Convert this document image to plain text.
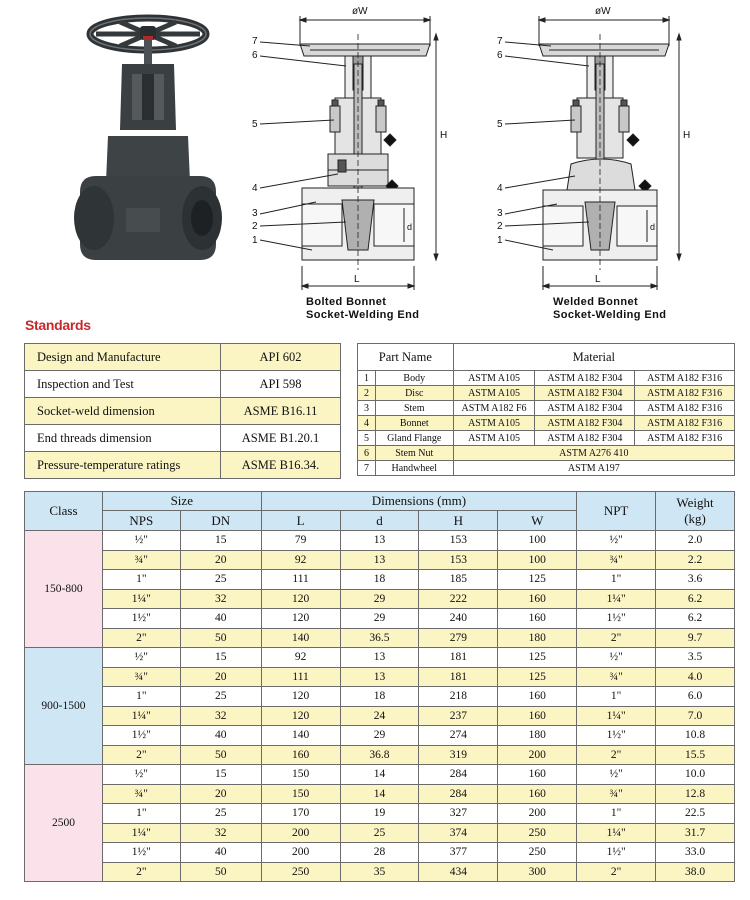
øW
H
d
L
7
6
5
4
3
2
1
Bolted Bonnet
Socket-Welding End
øW
H
d
L
7
6
5
4
3
2
1
Welded Bonnet
Socket-Welding End
Standards
Design and Manufacture	API 602
Inspection and Test	API 598
Socket-weld dimension	ASME B16.11
End threads dimension	ASME B1.20.1
Pressure-temperature ratings	ASME B16.34.
Part Name		Material		
1	Body	ASTM A105	ASTM A182 F304	ASTM A182 F316
2	Disc	ASTM A105	ASTM A182 F304	ASTM A182 F316
3	Stem	ASTM A182 F6	ASTM A182 F304	ASTM A182 F316
4	Bonnet	ASTM A105	ASTM A182 F304	ASTM A182 F316
5	Gland Flange	ASTM A105	ASTM A182 F304	ASTM A182 F316
6	Stem Nut	ASTM A276 410		
7	Handwheel	ASTM A197		
Class	Size		Dimensions (mm)				NPT	Weight
(kg)

	NPS	DN	L	d	H	W		
150-800	½"	15	79	13	153	100	½"	2.0
	¾"	20	92	13	153	100	¾"	2.2
	1"	25	111	18	185	125	1"	3.6
	1¼"	32	120	29	222	160	1¼"	6.2
	1½"	40	120	29	240	160	1½"	6.2
	2"	50	140	36.5	279	180	2"	9.7
900-1500	½"	15	92	13	181	125	½"	3.5
	¾"	20	111	13	181	125	¾"	4.0
	1"	25	120	18	218	160	1"	6.0
	1¼"	32	120	24	237	160	1¼"	7.0
	1½"	40	140	29	274	180	1½"	10.8
	2"	50	160	36.8	319	200	2"	15.5
2500	½"	15	150	14	284	160	½"	10.0
	¾"	20	150	14	284	160	¾"	12.8
	1"	25	170	19	327	200	1"	22.5
	1¼"	32	200	25	374	250	1¼"	31.7
	1½"	40	200	28	377	250	1½"	33.0
	2"	50	250	35	434	300	2"	38.0
